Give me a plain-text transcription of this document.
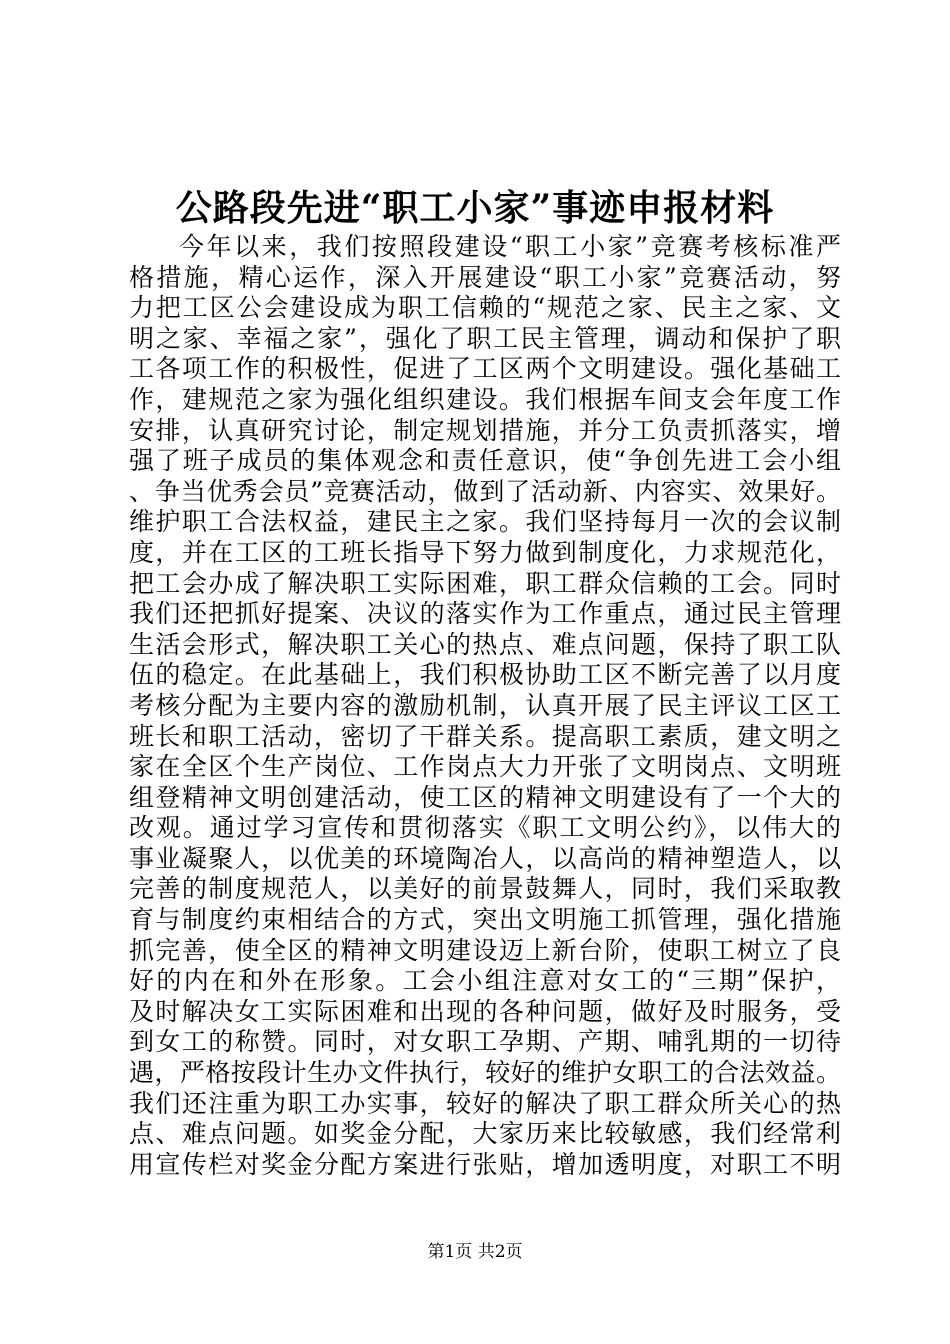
公路段先进“职工小家”事迹申报材料
今年以来，我们按照段建设“职工小家”竞赛考核标准严
格措施，精心运作，深入开展建设“职工小家”竞赛活动，努
力把工区公会建设成为职工信赖的“规范之家、民主之家、文
明之家、幸福之家”，强化了职工民主管理，调动和保护了职
工各项工作的积极性，促进了工区两个文明建设。强化基础工
作，建规范之家为强化组织建设。我们根据车间支会年度工作
安排，认真研究讨论，制定规划措施，并分工负责抓落实，增
强了班子成员的集体观念和责任意识，使“争创先进工会小组
、争当优秀会员”竞赛活动，做到了活动新、内容实、效果好。
维护职工合法权益，建民主之家。我们坚持每月一次的会议制
度，并在工区的工班长指导下努力做到制度化，力求规范化，
把工会办成了解决职工实际困难，职工群众信赖的工会。同时
我们还把抓好提案、决议的落实作为工作重点，通过民主管理
生活会形式，解决职工关心的热点、难点问题，保持了职工队
伍的稳定。在此基础上，我们积极协助工区不断完善了以月度
考核分配为主要内容的激励机制，认真开展了民主评议工区工
班长和职工活动，密切了干群关系。提高职工素质，建文明之
家在全区个生产岗位、工作岗点大力开张了文明岗点、文明班
组登精神文明创建活动，使工区的精神文明建设有了一个大的
改观。通过学习宣传和贯彻落实《职工文明公约》，以伟大的
事业凝聚人，以优美的环境陶冶人，以高尚的精神塑造人，以
完善的制度规范人，以美好的前景鼓舞人，同时，我们采取教
育与制度约束相结合的方式，突出文明施工抓管理，强化措施
抓完善，使全区的精神文明建设迈上新台阶，使职工树立了良
好的内在和外在形象。工会小组注意对女工的“三期”保护，
及时解决女工实际困难和出现的各种问题，做好及时服务，受
到女工的称赞。同时，对女职工孕期、产期、哺乳期的一切待
遇，严格按段计生办文件执行，较好的维护女职工的合法效益。
我们还注重为职工办实事，较好的解决了职工群众所关心的热
点、难点问题。如奖金分配，大家历来比较敏感，我们经常利
用宣传栏对奖金分配方案进行张贴，增加透明度，对职工不明
第1页 共2页
